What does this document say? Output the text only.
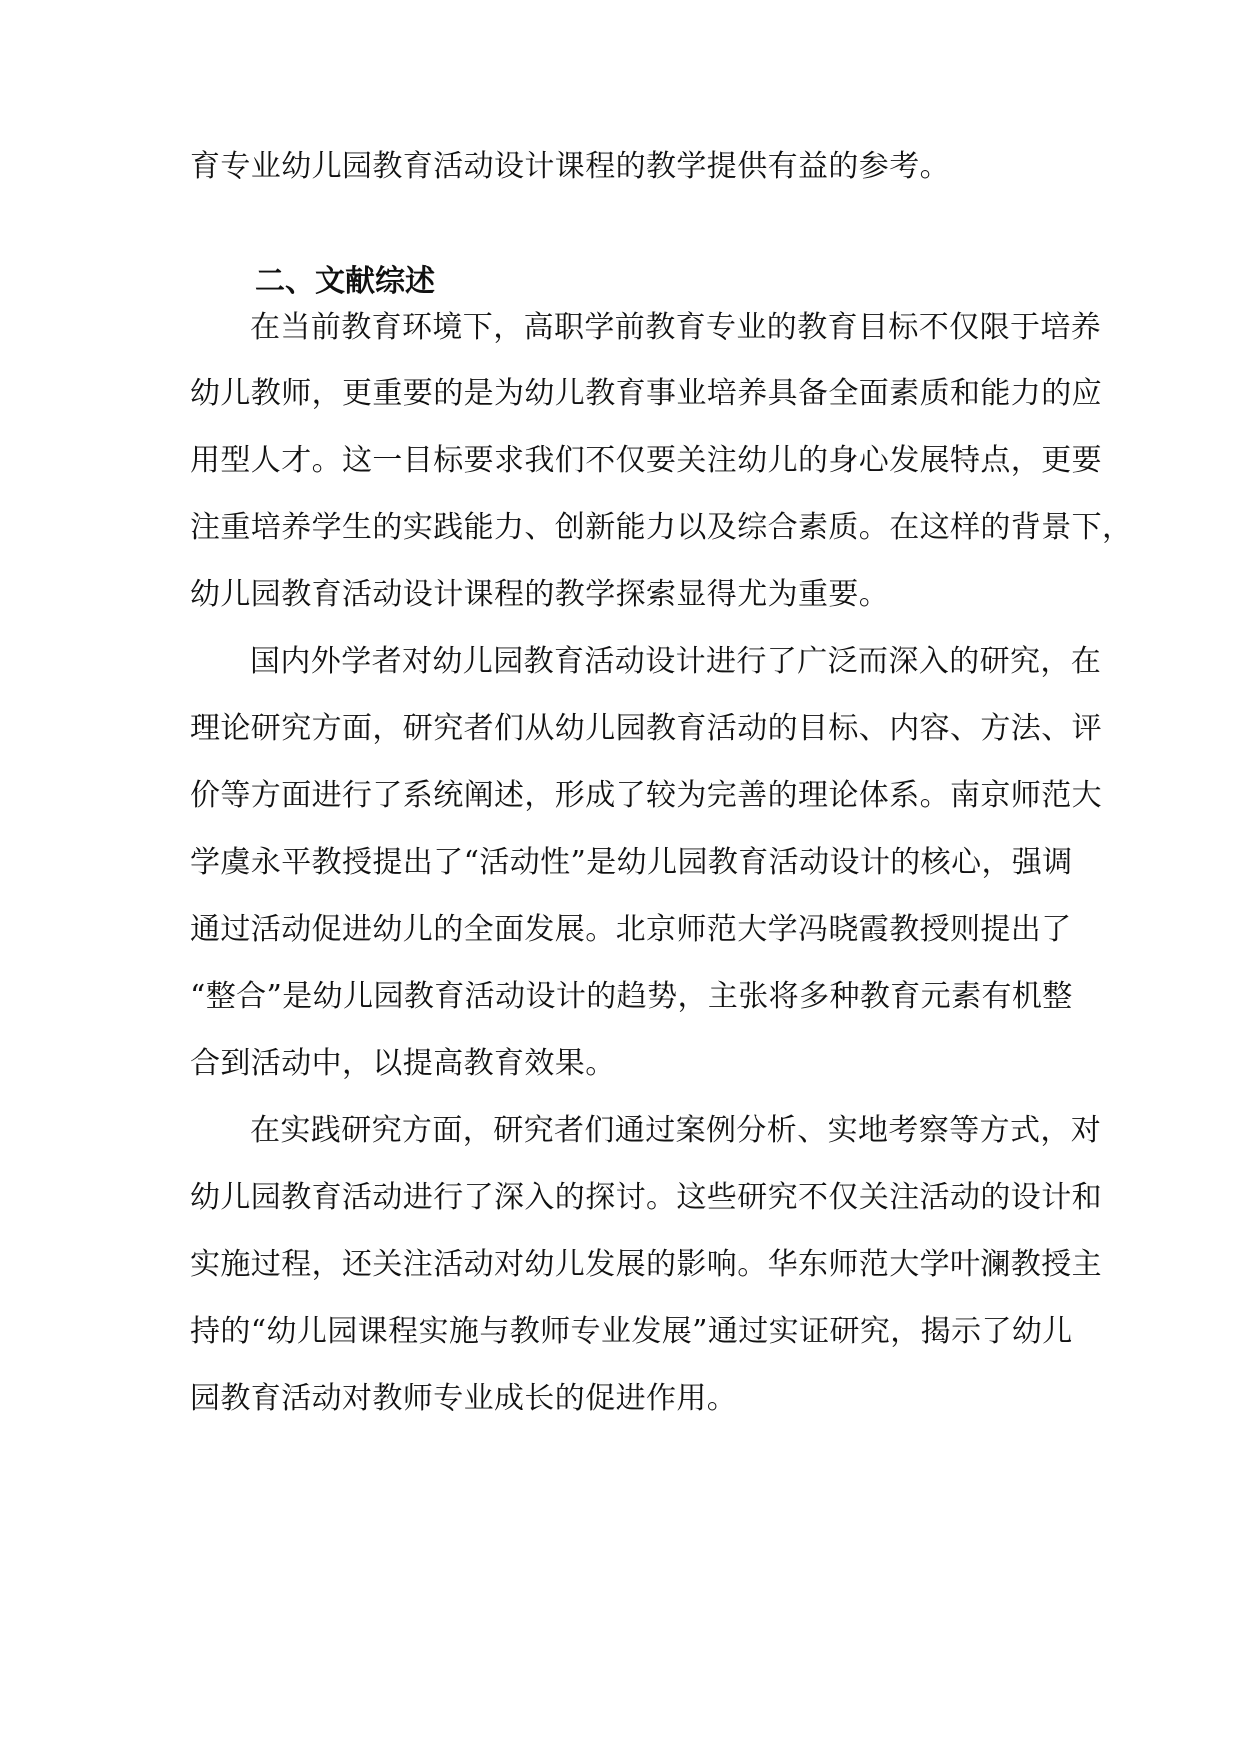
育专业幼儿园教育活动设计课程的教学提供有益的参考。
二、文献综述
在当前教育环境下，高职学前教育专业的教育目标不仅限于培养
幼儿教师，更重要的是为幼儿教育事业培养具备全面素质和能力的应
用型人才。这一目标要求我们不仅要关注幼儿的身心发展特点，更要
注重培养学生的实践能力、创新能力以及综合素质。在这样的背景下，
幼儿园教育活动设计课程的教学探索显得尤为重要。
国内外学者对幼儿园教育活动设计进行了广泛而深入的研究，在
理论研究方面，研究者们从幼儿园教育活动的目标、内容、方法、评
价等方面进行了系统阐述，形成了较为完善的理论体系。南京师范大
学虞永平教授提出了“活动性”是幼儿园教育活动设计的核心，强调
通过活动促进幼儿的全面发展。北京师范大学冯晓霞教授则提出了
“整合”是幼儿园教育活动设计的趋势，主张将多种教育元素有机整
合到活动中，以提高教育效果。
在实践研究方面，研究者们通过案例分析、实地考察等方式，对
幼儿园教育活动进行了深入的探讨。这些研究不仅关注活动的设计和
实施过程，还关注活动对幼儿发展的影响。华东师范大学叶澜教授主
持的“幼儿园课程实施与教师专业发展”通过实证研究，揭示了幼儿
园教育活动对教师专业成长的促进作用。
